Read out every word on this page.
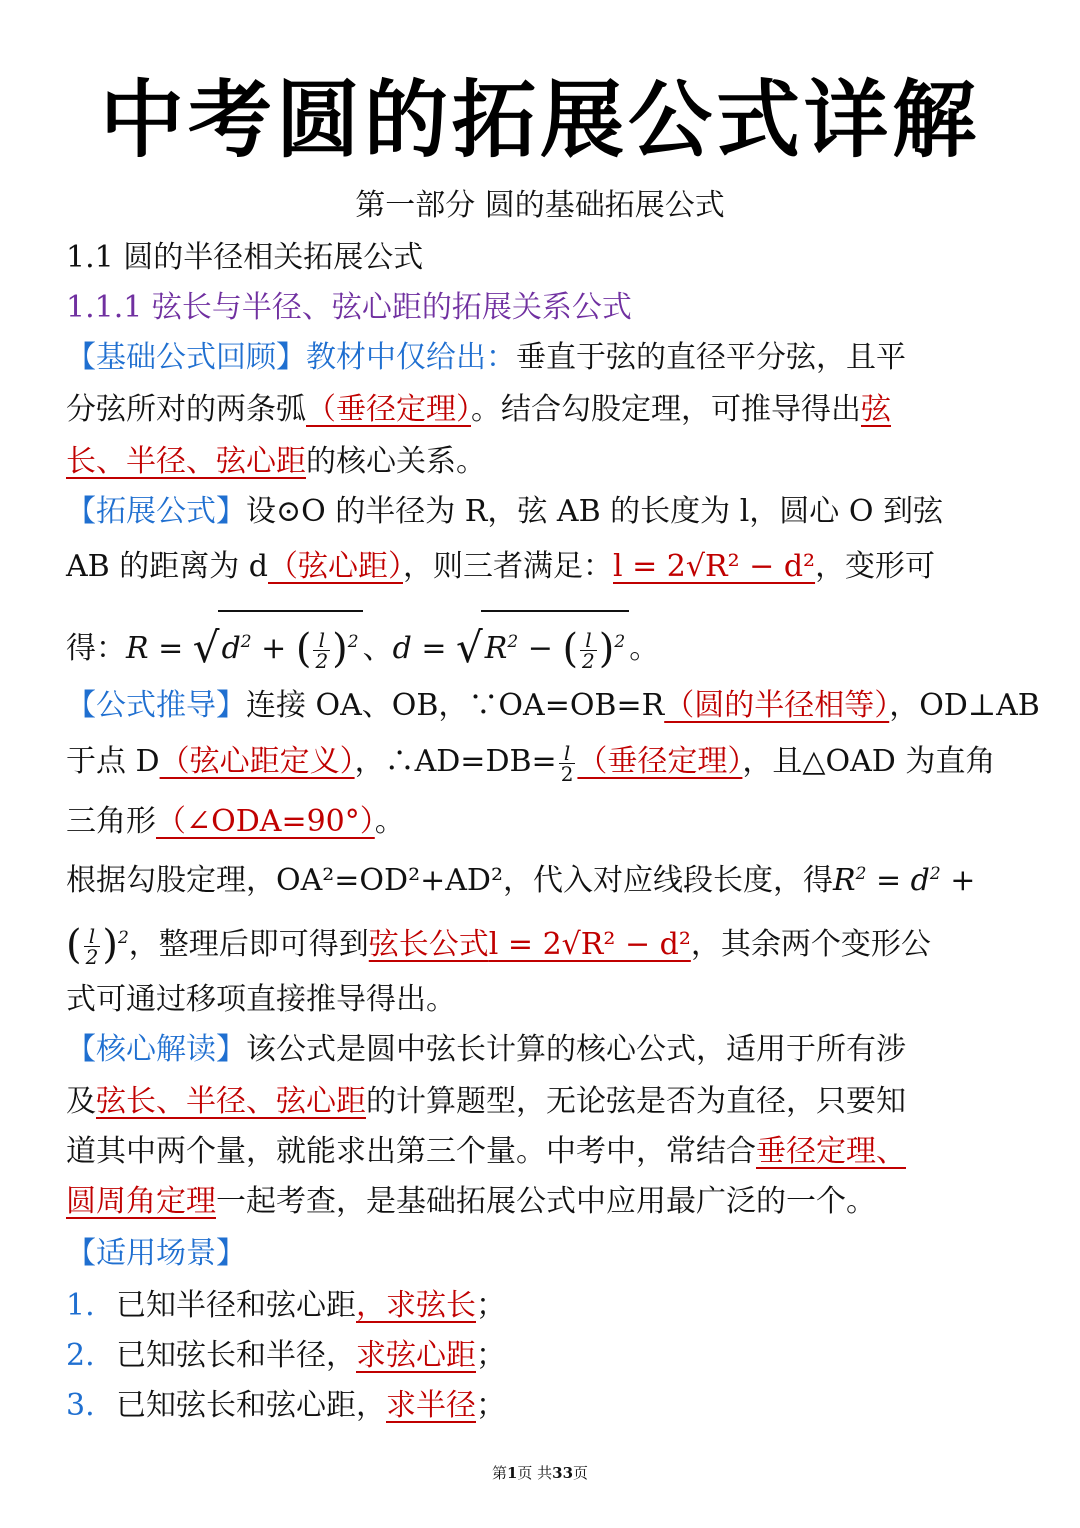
中考圆的拓展公式详解
第一部分 圆的基础拓展公式
1.1 圆的半径相关拓展公式
1.1.1 弦长与半径、弦心距的拓展关系公式
【基础公式回顾】教材中仅给出：垂直于弦的直径平分弦，且平
分弦所对的两条弧（垂径定理）。结合勾股定理，可推导得出弦
长、半径、弦心距的核心关系。
【拓展公式】设⊙O 的半径为 R，弦 AB 的长度为 l，圆心 O 到弦
AB 的距离为 d（弦心距），则三者满足：l = 2√R² − d²，变形可
得：$R = √d^2$ + ( $\frac{l}{2} )^2$ 、$d = √R^2$ − ( $\frac{l}{2} )^2$ 。
【公式推导】连接 OA、OB，∵OA=OB=R（圆的半径相等），OD⊥AB
于点 D（弦心距定义），∴AD=DB= $\frac{l}{2}$ （垂径定理），且△OAD 为直角
三角形（∠ODA=90°）。
根据勾股定理，OA²=OD²+AD²，代入对应线段长度，得$R^2 = d^2$ +
( $\frac{l}{2} )^2$，整理后即可得到弦长公式l = 2√R² − d²，其余两个变形公
式可通过移项直接推导得出。
【核心解读】该公式是圆中弦长计算的核心公式，适用于所有涉
及弦长、半径、弦心距的计算题型，无论弦是否为直径，只要知
道其中两个量，就能求出第三个量。中考中，常结合垂径定理、
圆周角定理一起考查，是基础拓展公式中应用最广泛的一个。
【适用场景】
1. 已知半径和弦心距，求弦长；
2. 已知弦长和半径，求弦心距；
3. 已知弦长和弦心距，求半径；
第1页 共33页
